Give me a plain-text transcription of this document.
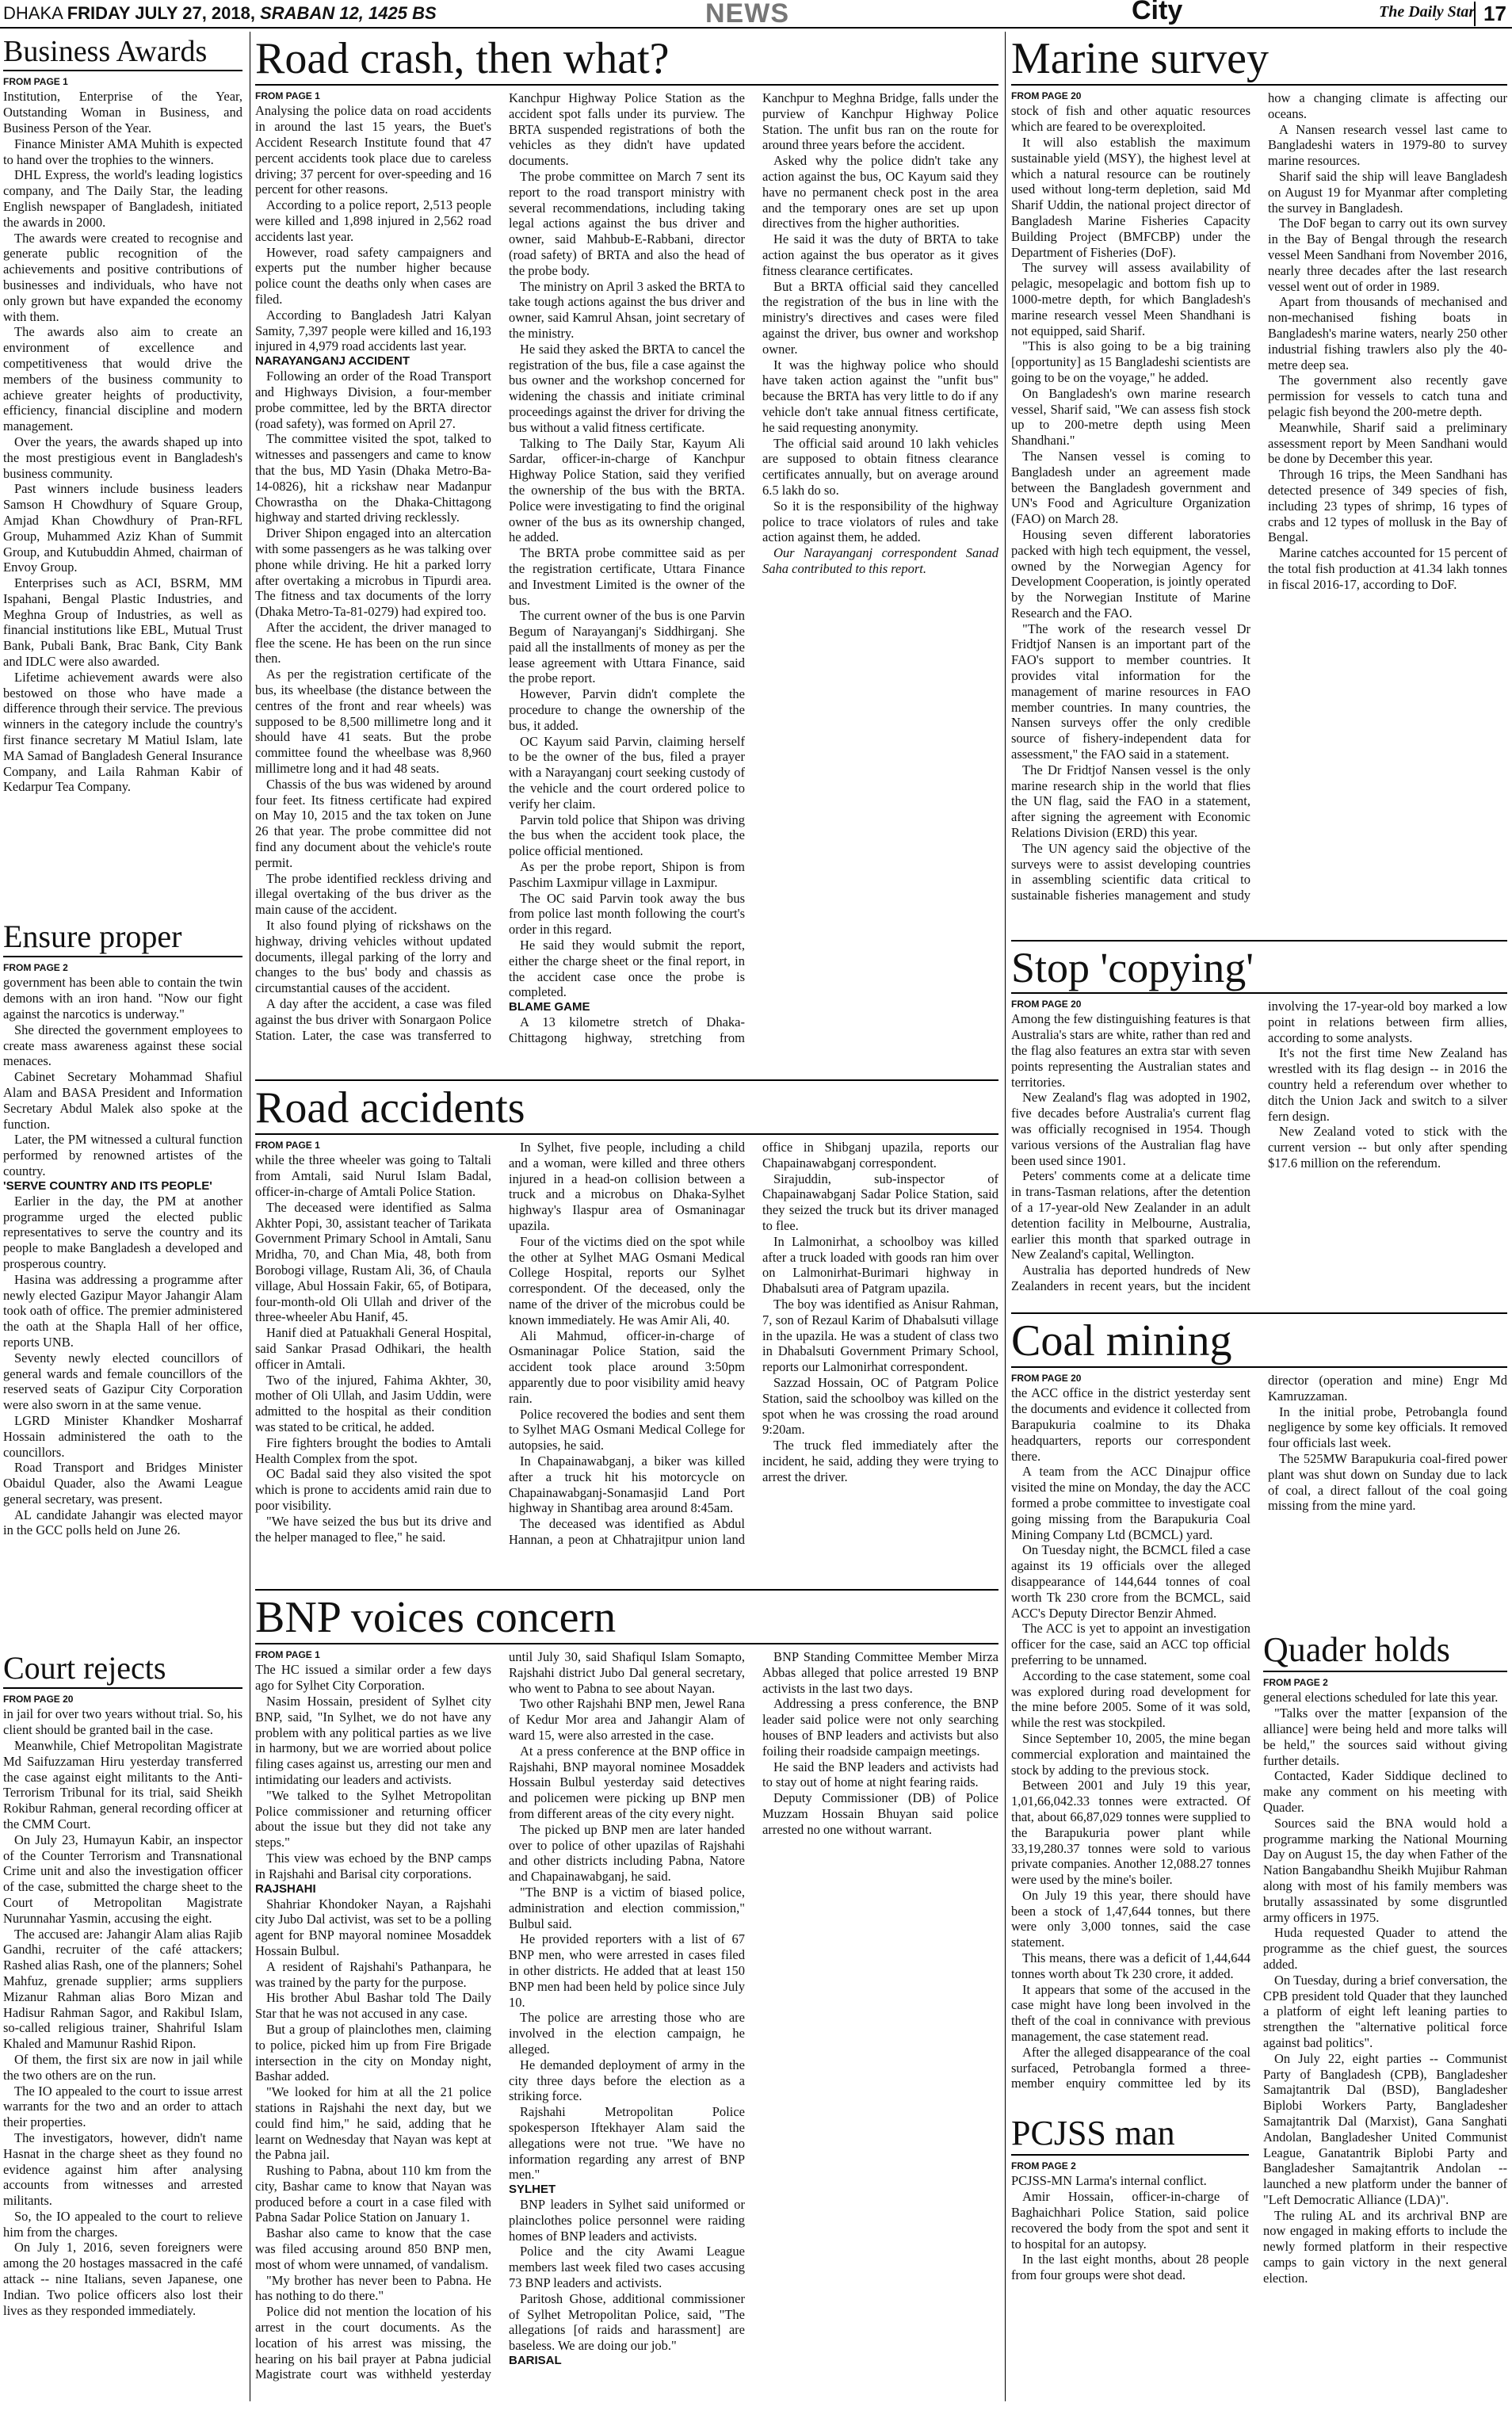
DHAKA FRIDAY JULY 27, 2018, SRABAN 12, 1425 BS	NEWS	City	The Daily Star 17
Business Awards

FROM PAGE 1

Institution, Enterprise of the Year, Outstanding Woman in Business, and Business Person of the Year.

Finance Minister AMA Muhith is expected to hand over the trophies to the winners.

DHL Express, the world's leading logistics company, and The Daily Star, the leading English newspaper of Bangladesh, initiated the awards in 2000.

The awards were created to recognise and generate public recognition of the achievements and positive contributions of businesses and individuals, who have not only grown but have expanded the economy with them.

The awards also aim to create an environment of excellence and competitiveness that would drive the members of the business community to achieve greater heights of productivity, efficiency, financial discipline and modern management.

Over the years, the awards shaped up into the most prestigious event in Bangladesh's business community.

Past winners include business leaders Samson H Chowdhury of Square Group, Amjad Khan Chowdhury of Pran-RFL Group, Muhammed Aziz Khan of Summit Group, and Kutubuddin Ahmed, chairman of Envoy Group.

Enterprises such as ACI, BSRM, MM Ispahani, Bengal Plastic Industries, and Meghna Group of Industries, as well as financial institutions like EBL, Mutual Trust Bank, Pubali Bank, Brac Bank, City Bank and IDLC were also awarded.

Lifetime achievement awards were also bestowed on those who have made a difference through their service. The previous winners in the category include the country's first finance secretary M Matiul Islam, late MA Samad of Bangladesh General Insurance Company, and Laila Rahman Kabir of Kedarpur Tea Company.

Ensure proper

FROM PAGE 2

government has been able to contain the twin demons with an iron hand. "Now our fight against the narcotics is underway."

She directed the government employees to create mass awareness against these social menaces.

Cabinet Secretary Mohammad Shafiul Alam and BASA President and Information Secretary Abdul Malek also spoke at the function.

Later, the PM witnessed a cultural function performed by renowned artistes of the country.

'SERVE COUNTRY AND ITS PEOPLE'

Earlier in the day, the PM at another programme urged the elected public representatives to serve the country and its people to make Bangladesh a developed and prosperous country.

Hasina was addressing a programme after newly elected Gazipur Mayor Jahangir Alam took oath of office. The premier administered the oath at the Shapla Hall of her office, reports UNB.

Seventy newly elected councillors of general wards and female councillors of the reserved seats of Gazipur City Corporation were also sworn in at the same venue.

LGRD Minister Khandker Mosharraf Hossain administered the oath to the councillors.

Road Transport and Bridges Minister Obaidul Quader, also the Awami League general secretary, was present.

AL candidate Jahangir was elected mayor in the GCC polls held on June 26.

Court rejects

FROM PAGE 20

in jail for over two years without trial. So, his client should be granted bail in the case.

Meanwhile, Chief Metropolitan Magistrate Md Saifuzzaman Hiru yesterday transferred the case against eight militants to the Anti-Terrorism Tribunal for its trial, said Sheikh Rokibur Rahman, general recording officer at the CMM Court.

On July 23, Humayun Kabir, an inspector of the Counter Terrorism and Transnational Crime unit and also the investigation officer of the case, submitted the charge sheet to the Court of Metropolitan Magistrate Nurunnahar Yasmin, accusing the eight.

The accused are: Jahangir Alam alias Rajib Gandhi, recruiter of the café attackers; Rashed alias Rash, one of the planners; Sohel Mahfuz, grenade supplier; arms suppliers Mizanur Rahman alias Boro Mizan and Hadisur Rahman Sagor, and Rakibul Islam, so-called religious trainer, Shahriful Islam Khaled and Mamunur Rashid Ripon.

Of them, the first six are now in jail while the two others are on the run.

The IO appealed to the court to issue arrest warrants for the two and an order to attach their properties.

The investigators, however, didn't name Hasnat in the charge sheet as they found no evidence against him after analysing accounts from witnesses and arrested militants.

So, the IO appealed to the court to relieve him from the charges.

On July 1, 2016, seven foreigners were among the 20 hostages massacred in the café attack -- nine Italians, seven Japanese, one Indian. Two police officers also lost their lives as they responded immediately.

Road crash, then what?

FROM PAGE 1

Analysing the police data on road accidents in around the last 15 years, the Buet's Accident Research Institute found that 47 percent accidents took place due to careless driving; 37 percent for over-speeding and 16 percent for other reasons.

According to a police report, 2,513 people were killed and 1,898 injured in 2,562 road accidents last year.

However, road safety campaigners and experts put the number higher because police count the deaths only when cases are filed.

According to Bangladesh Jatri Kalyan Samity, 7,397 people were killed and 16,193 injured in 4,979 road accidents last year.

NARAYANGANJ ACCIDENT

Following an order of the Road Transport and Highways Division, a four-member probe committee, led by the BRTA director (road safety), was formed on April 27.

The committee visited the spot, talked to witnesses and passengers and came to know that the bus, MD Yasin (Dhaka Metro-Ba-14-0826), hit a rickshaw near Madanpur Chowrastha on the Dhaka-Chittagong highway and started driving recklessly.

Driver Shipon engaged into an altercation with some passengers as he was talking over phone while driving. He hit a parked lorry after overtaking a microbus in Tipurdi area. The fitness and tax documents of the lorry (Dhaka Metro-Ta-81-0279) had expired too.

After the accident, the driver managed to flee the scene. He has been on the run since then.

As per the registration certificate of the bus, its wheelbase (the distance between the centres of the front and rear wheels) was supposed to be 8,500 millimetre long and it should have 41 seats. But the probe committee found the wheelbase was 8,960 millimetre long and it had 48 seats.

Chassis of the bus was widened by around four feet. Its fitness certificate had expired on May 10, 2015 and the tax token on June 26 that year. The probe committee did not find any document about the vehicle's route permit.

The probe identified reckless driving and illegal overtaking of the bus driver as the main cause of the accident.

It also found plying of rickshaws on the highway, driving vehicles without updated documents, illegal parking of the lorry and changes to the bus' body and chassis as circumstantial causes of the accident.

A day after the accident, a case was filed against the bus driver with Sonargaon Police Station. Later, the case was transferred to Kanchpur Highway Police Station as the accident spot falls under its purview. The BRTA suspended registrations of both the vehicles as they didn't have updated documents.

The probe committee on March 7 sent its report to the road transport ministry with several recommendations, including taking legal actions against the bus driver and owner, said Mahbub-E-Rabbani, director (road safety) of BRTA and also the head of the probe body.

The ministry on April 3 asked the BRTA to take tough actions against the bus driver and owner, said Kamrul Ahsan, joint secretary of the ministry.

He said they asked the BRTA to cancel the registration of the bus, file a case against the bus owner and the workshop concerned for widening the chassis and initiate criminal proceedings against the driver for driving the bus without a valid fitness certificate.

Talking to The Daily Star, Kayum Ali Sardar, officer-in-charge of Kanchpur Highway Police Station, said they verified the ownership of the bus with the BRTA. Police were investigating to find the original owner of the bus as its ownership changed, he added.

The BRTA probe committee said as per the registration certificate, Uttara Finance and Investment Limited is the owner of the bus.

The current owner of the bus is one Parvin Begum of Narayanganj's Siddhirganj. She paid all the installments of money as per the lease agreement with Uttara Finance, said the probe report.

However, Parvin didn't complete the procedure to change the ownership of the bus, it added.

OC Kayum said Parvin, claiming herself to be the owner of the bus, filed a prayer with a Narayanganj court seeking custody of the vehicle and the court ordered police to verify her claim.

Parvin told police that Shipon was driving the bus when the accident took place, the police official mentioned.

As per the probe report, Shipon is from Paschim Laxmipur village in Laxmipur.

The OC said Parvin took away the bus from police last month following the court's order in this regard.

He said they would submit the report, either the charge sheet or the final report, in the accident case once the probe is completed.

BLAME GAME

A 13 kilometre stretch of Dhaka-Chittagong highway, stretching from Kanchpur to Meghna Bridge, falls under the purview of Kanchpur Highway Police Station. The unfit bus ran on the route for around three years before the accident.

Asked why the police didn't take any action against the bus, OC Kayum said they have no permanent check post in the area and the temporary ones are set up upon directives from the higher authorities.

He said it was the duty of BRTA to take action against the bus operator as it gives fitness clearance certificates.

But a BRTA official said they cancelled the registration of the bus in line with the ministry's directives and cases were filed against the driver, bus owner and workshop owner.

It was the highway police who should have taken action against the "unfit bus" because the BRTA has very little to do if any vehicle don't take annual fitness certificate, he said requesting anonymity.

The official said around 10 lakh vehicles are supposed to obtain fitness clearance certificates annually, but on average around 6.5 lakh do so.

So it is the responsibility of the highway police to trace violators of rules and take action against them, he added.

Our Narayanganj correspondent Sanad Saha contributed to this report.

Road accidents

FROM PAGE 1

while the three wheeler was going to Taltali from Amtali, said Nurul Islam Badal, officer-in-charge of Amtali Police Station.

The deceased were identified as Salma Akhter Popi, 30, assistant teacher of Tarikata Government Primary School in Amtali, Sanu Mridha, 70, and Chan Mia, 48, both from Borobogi village, Rustam Ali, 36, of Chaula village, Abul Hossain Fakir, 65, of Botipara, four-month-old Oli Ullah and driver of the three-wheeler Abu Hanif, 45.

Hanif died at Patuakhali General Hospital, said Sankar Prasad Odhikari, the health officer in Amtali.

Two of the injured, Fahima Akhter, 30, mother of Oli Ullah, and Jasim Uddin, were admitted to the hospital as their condition was stated to be critical, he added.

Fire fighters brought the bodies to Amtali Health Complex from the spot.

OC Badal said they also visited the spot which is prone to accidents amid rain due to poor visibility.

"We have seized the bus but its drive and the helper managed to flee," he said.

In Sylhet, five people, including a child and a woman, were killed and three others injured in a head-on collision between a truck and a microbus on Dhaka-Sylhet highway's Ilaspur area of Osmaninagar upazila.

Four of the victims died on the spot while the other at Sylhet MAG Osmani Medical College Hospital, reports our Sylhet correspondent. Of the deceased, only the name of the driver of the microbus could be known immediately. He was Amir Ali, 40.

Ali Mahmud, officer-in-charge of Osmaninagar Police Station, said the accident took place around 3:50pm apparently due to poor visibility amid heavy rain.

Police recovered the bodies and sent them to Sylhet MAG Osmani Medical College for autopsies, he said.

In Chapainawabganj, a biker was killed after a truck hit his motorcycle on Chapainawabganj-Sonamasjid Land Port highway in Shantibag area around 8:45am.

The deceased was identified as Abdul Hannan, a peon at Chhatrajitpur union land office in Shibganj upazila, reports our Chapainawabganj correspondent.

Sirajuddin, sub-inspector of Chapainawabganj Sadar Police Station, said they seized the truck but its driver managed to flee.

In Lalmonirhat, a schoolboy was killed after a truck loaded with goods ran him over on Lalmonirhat-Burimari highway in Dhabalsuti area of Patgram upazila.

The boy was identified as Anisur Rahman, 7, son of Rezaul Karim of Dhabalsuti village in the upazila. He was a student of class two in Dhabalsuti Government Primary School, reports our Lalmonirhat correspondent.

Sazzad Hossain, OC of Patgram Police Station, said the schoolboy was killed on the spot when he was crossing the road around 9:20am.

The truck fled immediately after the incident, he said, adding they were trying to arrest the driver.

BNP voices concern

FROM PAGE 1

The HC issued a similar order a few days ago for Sylhet City Corporation.

Nasim Hossain, president of Sylhet city BNP, said, "In Sylhet, we do not have any problem with any political parties as we live in harmony, but we are worried about police filing cases against us, arresting our men and intimidating our leaders and activists.

"We talked to the Sylhet Metropolitan Police commissioner and returning officer about the issue but they did not take any steps."

This view was echoed by the BNP camps in Rajshahi and Barisal city corporations.

RAJSHAHI

Shahriar Khondoker Nayan, a Rajshahi city Jubo Dal activist, was set to be a polling agent for BNP mayoral nominee Mosaddek Hossain Bulbul.

A resident of Rajshahi's Pathanpara, he was trained by the party for the purpose.

His brother Abul Bashar told The Daily Star that he was not accused in any case.

But a group of plainclothes men, claiming to police, picked him up from Fire Brigade intersection in the city on Monday night, Bashar added.

"We looked for him at all the 21 police stations in Rajshahi the next day, but we could find him," he said, adding that he learnt on Wednesday that Nayan was kept at the Pabna jail.

Rushing to Pabna, about 110 km from the city, Bashar came to know that Nayan was produced before a court in a case filed with Pabna Sadar Police Station on January 1.

Bashar also came to know that the case was filed accusing around 850 BNP men, most of whom were unnamed, of vandalism.

"My brother has never been to Pabna. He has nothing to do there."

Police did not mention the location of his arrest in the court documents. As the location of his arrest was missing, the hearing on his bail prayer at Pabna judicial Magistrate court was withheld yesterday until July 30, said Shafiqul Islam Somapto, Rajshahi district Jubo Dal general secretary, who went to Pabna to see about Nayan.

Two other Rajshahi BNP men, Jewel Rana of Kedur Mor area and Jahangir Alam of ward 15, were also arrested in the case.

At a press conference at the BNP office in Rajshahi, BNP mayoral nominee Mosaddek Hossain Bulbul yesterday said detectives and policemen were picking up BNP men from different areas of the city every night.

The picked up BNP men are later handed over to police of other upazilas of Rajshahi and other districts including Pabna, Natore and Chapainawabganj, he said.

"The BNP is a victim of biased police, administration and election commission," Bulbul said.

He provided reporters with a list of 67 BNP men, who were arrested in cases filed in other districts. He added that at least 150 BNP men had been held by police since July 10.

The police are arresting those who are involved in the election campaign, he alleged.

He demanded deployment of army in the city three days before the election as a striking force.

Rajshahi Metropolitan Police spokesperson Iftekhayer Alam said the allegations were not true. "We have no information regarding any arrest of BNP men."

SYLHET

BNP leaders in Sylhet said uniformed or plainclothes police personnel were raiding homes of BNP leaders and activists.

Police and the city Awami League members last week filed two cases accusing 73 BNP leaders and activists.

Paritosh Ghose, additional commissioner of Sylhet Metropolitan Police, said, "The allegations [of raids and harassment] are baseless. We are doing our job."

BARISAL

BNP Standing Committee Member Mirza Abbas alleged that police arrested 19 BNP activists in the last two days.

Addressing a press conference, the BNP leader said police were not only searching houses of BNP leaders and activists but also foiling their roadside campaign meetings.

He said the BNP leaders and activists had to stay out of home at night fearing raids.

Deputy Commissioner (DB) of Police Muzzam Hossain Bhuyan said police arrested no one without warrant.

Marine survey

FROM PAGE 20

stock of fish and other aquatic resources which are feared to be overexploited.

It will also establish the maximum sustainable yield (MSY), the highest level at which a natural resource can be routinely used without long-term depletion, said Md Sharif Uddin, the national project director of Bangladesh Marine Fisheries Capacity Building Project (BMFCBP) under the Department of Fisheries (DoF).

The survey will assess availability of pelagic, mesopelagic and bottom fish up to 1000-metre depth, for which Bangladesh's marine research vessel Meen Shandhani is not equipped, said Sharif.

"This is also going to be a big training [opportunity] as 15 Bangladeshi scientists are going to be on the voyage," he added.

On Bangladesh's own marine research vessel, Sharif said, "We can assess fish stock up to 200-metre depth using Meen Shandhani."

The Nansen vessel is coming to Bangladesh under an agreement made between the Bangladesh government and UN's Food and Agriculture Organization (FAO) on March 28.

Housing seven different laboratories packed with high tech equipment, the vessel, owned by the Norwegian Agency for Development Cooperation, is jointly operated by the Norwegian Institute of Marine Research and the FAO.

"The work of the research vessel Dr Fridtjof Nansen is an important part of the FAO's support to member countries. It provides vital information for the management of marine resources in FAO member countries. In many countries, the Nansen surveys offer the only credible source of fishery-independent data for assessment," the FAO said in a statement.

The Dr Fridtjof Nansen vessel is the only marine research ship in the world that flies the UN flag, said the FAO in a statement, after signing the agreement with Economic Relations Division (ERD) this year.

The UN agency said the objective of the surveys were to assist developing countries in assembling scientific data critical to sustainable fisheries management and study how a changing climate is affecting our oceans.

A Nansen research vessel last came to Bangladeshi waters in 1979-80 to survey marine resources.

Sharif said the ship will leave Bangladesh on August 19 for Myanmar after completing the survey in Bangladesh.

The DoF began to carry out its own survey in the Bay of Bengal through the research vessel Meen Sandhani from November 2016, nearly three decades after the last research vessel went out of order in 1989.

Apart from thousands of mechanised and non-mechanised fishing boats in Bangladesh's marine waters, nearly 250 other industrial fishing trawlers also ply the 40-metre deep sea.

The government also recently gave permission for vessels to catch tuna and pelagic fish beyond the 200-metre depth.

Meanwhile, Sharif said a preliminary assessment report by Meen Sandhani would be done by December this year.

Through 16 trips, the Meen Sandhani has detected presence of 349 species of fish, including 23 types of shrimp, 16 types of crabs and 12 types of mollusk in the Bay of Bengal.

Marine catches accounted for 15 percent of the total fish production at 41.34 lakh tonnes in fiscal 2016-17, according to DoF.

Stop 'copying'

FROM PAGE 20

Among the few distinguishing features is that Australia's stars are white, rather than red and the flag also features an extra star with seven points representing the Australian states and territories.

New Zealand's flag was adopted in 1902, five decades before Australia's current flag was officially recognised in 1954. Though various versions of the Australian flag have been used since 1901.

Peters' comments come at a delicate time in trans-Tasman relations, after the detention of a 17-year-old New Zealander in an adult detention facility in Melbourne, Australia, earlier this month that sparked outrage in New Zealand's capital, Wellington.

Australia has deported hundreds of New Zealanders in recent years, but the incident involving the 17-year-old boy marked a low point in relations between firm allies, according to some analysts.

It's not the first time New Zealand has wrestled with its flag design -- in 2016 the country held a referendum over whether to ditch the Union Jack and switch to a silver fern design.

New Zealand voted to stick with the current version -- but only after spending $17.6 million on the referendum.

Coal mining

FROM PAGE 20

the ACC office in the district yesterday sent the documents and evidence it collected from Barapukuria coalmine to its Dhaka headquarters, reports our correspondent there.

A team from the ACC Dinajpur office visited the mine on Monday, the day the ACC formed a probe committee to investigate coal going missing from the Barapukuria Coal Mining Company Ltd (BCMCL) yard.

On Tuesday night, the BCMCL filed a case against its 19 officials over the alleged disappearance of 144,644 tonnes of coal worth Tk 230 crore from the BCMCL, said ACC's Deputy Director Benzir Ahmed.

The ACC is yet to appoint an investigation officer for the case, said an ACC top official preferring to be unnamed.

According to the case statement, some coal was explored during road development for the mine before 2005. Some of it was sold, while the rest was stockpiled.

Since September 10, 2005, the mine began commercial exploration and maintained the stock by adding to the previous stock.

Between 2001 and July 19 this year, 1,01,66,042.33 tonnes were extracted. Of that, about 66,87,029 tonnes were supplied to the Barapukuria power plant while 33,19,280.37 tonnes were sold to various private companies. Another 12,088.27 tonnes were used by the mine's boiler.

On July 19 this year, there should have been a stock of 1,47,644 tonnes, but there were only 3,000 tonnes, said the case statement.

This means, there was a deficit of 1,44,644 tonnes worth about Tk 230 crore, it added.

It appears that some of the accused in the case might have long been involved in the theft of the coal in connivance with previous management, the case statement read.

After the alleged disappearance of the coal surfaced, Petrobangla formed a three-member enquiry committee led by its director (operation and mine) Engr Md Kamruzzaman.

In the initial probe, Petrobangla found negligence by some key officials. It removed four officials last week.

The 525MW Barapukuria coal-fired power plant was shut down on Sunday due to lack of coal, a direct fallout of the coal going missing from the mine yard.

Quader holds

FROM PAGE 2

general elections scheduled for late this year.

"Talks over the matter [expansion of the alliance] were being held and more talks will be held," the sources said without giving further details.

Contacted, Kader Siddique declined to make any comment on his meeting with Quader.

Sources said the BNA would hold a programme marking the National Mourning Day on August 15, the day when Father of the Nation Bangabandhu Sheikh Mujibur Rahman along with most of his family members was brutally assassinated by some disgruntled army officers in 1975.

Huda requested Quader to attend the programme as the chief guest, the sources added.

On Tuesday, during a brief conversation, the CPB president told Quader that they launched a platform of eight left leaning parties to strengthen the "alternative political force against bad politics".

On July 22, eight parties -- Communist Party of Bangladesh (CPB), Bangladesher Samajtantrik Dal (BSD), Bangladesher Biplobi Workers Party, Bangladesher Samajtantrik Dal (Marxist), Gana Sanghati Andolan, Bangladesher United Communist League, Ganatantrik Biplobi Party and Bangladesher Samajtantrik Andolan -- launched a new platform under the banner of "Left Democratic Alliance (LDA)".

The ruling AL and its archrival BNP are now engaged in making efforts to include the newly formed platform in their respective camps to gain victory in the next general election.

PCJSS man

FROM PAGE 2

PCJSS-MN Larma's internal conflict.

Amir Hossain, officer-in-charge of Baghaichhari Police Station, said police recovered the body from the spot and sent it to hospital for an autopsy.

In the last eight months, about 28 people from four groups were shot dead.
